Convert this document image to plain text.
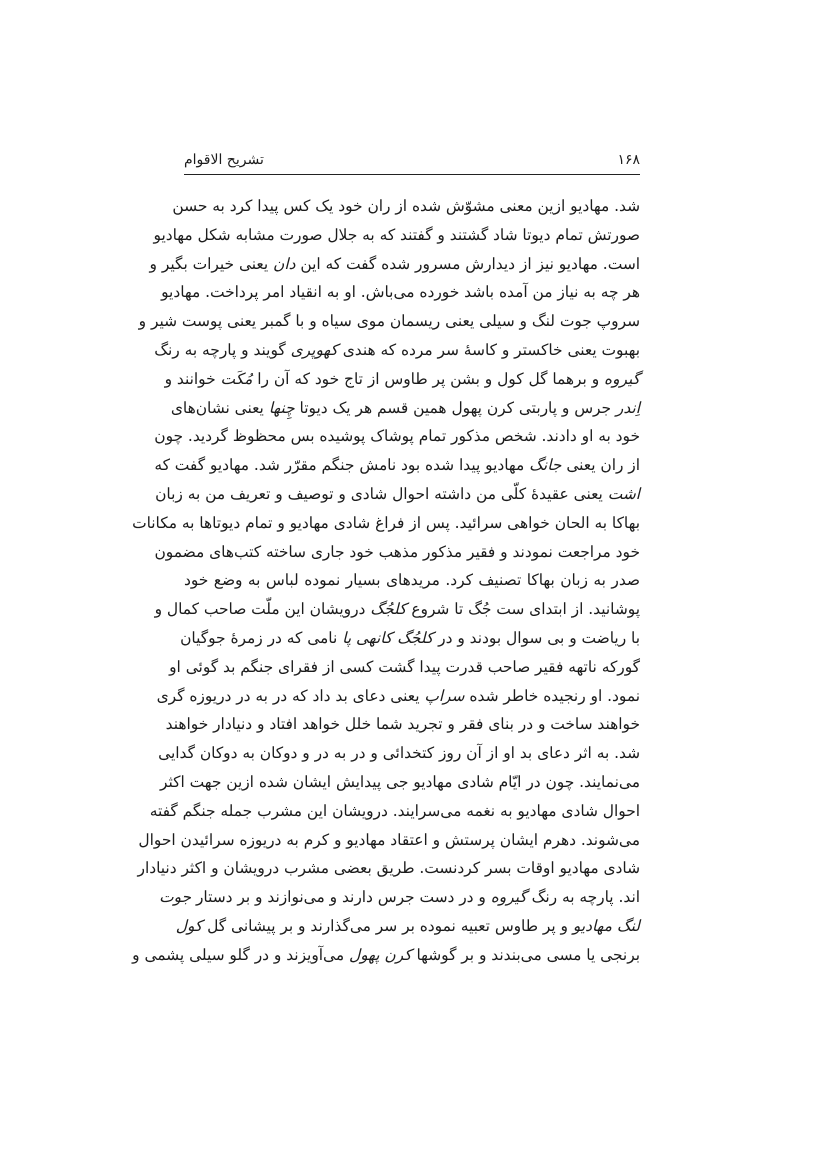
تشریح الاقوام	۱۶۸
شد. مهادیو ازین معنی مشوّش شده از ران خود یک کس پیدا کرد به حسن
صورتش تمام دیوتا شاد گشتند و گفتند که به جلال صورت مشابه شکل مهادیو
است. مهادیو نیز از دیدارش مسرور شده گفت که این دان یعنی خیرات بگیر و
هر چه به نیاز من آمده باشد خورده می‌باش. او به انقیاد امر پرداخت. مهادیو
سروپ جوت لنگ و سیلی یعنی ریسمان موی سیاه و با گمبر یعنی پوست شیر و
بهبوت یعنی خاکستر و کاسهٔ سر مرده که هندی کهوپری گویند و پارچه به رنگ
گیروه و برهما گل کول و بشن پر طاوس از تاج خود که آن را مُکَت خوانند و
اِندر جرس و پاربتی کرن پهول همین قسم هر یک دیوتا چِنها یعنی نشان‌های
خود به او دادند. شخص مذکور تمام پوشاک پوشیده بس محظوظ گردید. چون
از ران یعنی جانگ مهادیو پیدا شده بود نامش جنگم مقرّر شد. مهادیو گفت که
اشت یعنی عقیدهٔ کلّی من داشته احوال شادی و توصیف و تعریف من به زبان
بهاکا به الحان خواهی سرائید. پس از فراغ شادی مهادیو و تمام دیوتاها به مکانات
خود مراجعت نمودند و فقیر مذکور مذهب خود جاری ساخته کتب‌های مضمون
صدر به زبان بهاکا تصنیف کرد. مریدهای بسیار نموده لباس به وضع خود
پوشانید. از ابتدای ست جُگ تا شروع کلجُگ درویشان این ملّت صاحب کمال و
با ریاضت و بی سوال بودند و در کلجُگ کانهی پا نامی که در زمرهٔ جوگیان
گورکه ناتهه فقیر صاحب قدرت پیدا گشت کسی از فقرای جنگم بد گوئی او
نمود. او رنجیده خاطر شده سراپ یعنی دعای بد داد که در به در دریوزه گری
خواهند ساخت و در بنای فقر و تجرید شما خلل خواهد افتاد و دنیادار خواهند
شد. به اثر دعای بد او از آن روز کتخدائی و در به در و دوکان به دوکان گدایی
می‌نمایند. چون در ایّام شادی مهادیو جی پیدایش ایشان شده ازین جهت اکثر
احوال شادی مهادیو به نغمه می‌سرایند. درویشان این مشرب جمله جنگم گفته
می‌شوند. دهرم ایشان پرستش و اعتقاد مهادیو و کرم به دریوزه سرائیدن احوال
شادی مهادیو اوقات بسر کردنست. طریق بعضی مشرب درویشان و اکثر دنیادار
اند. پارچه به رنگ گیروه و در دست جرس دارند و می‌نوازند و بر دستار جوت
لنگ مهادیو و پر طاوس تعبیه نموده بر سر می‌گذارند و بر پیشانی گل کول
برنجی یا مسی می‌بندند و بر گوشها کرن پهول می‌آویزند و در گلو سیلی پشمی و
